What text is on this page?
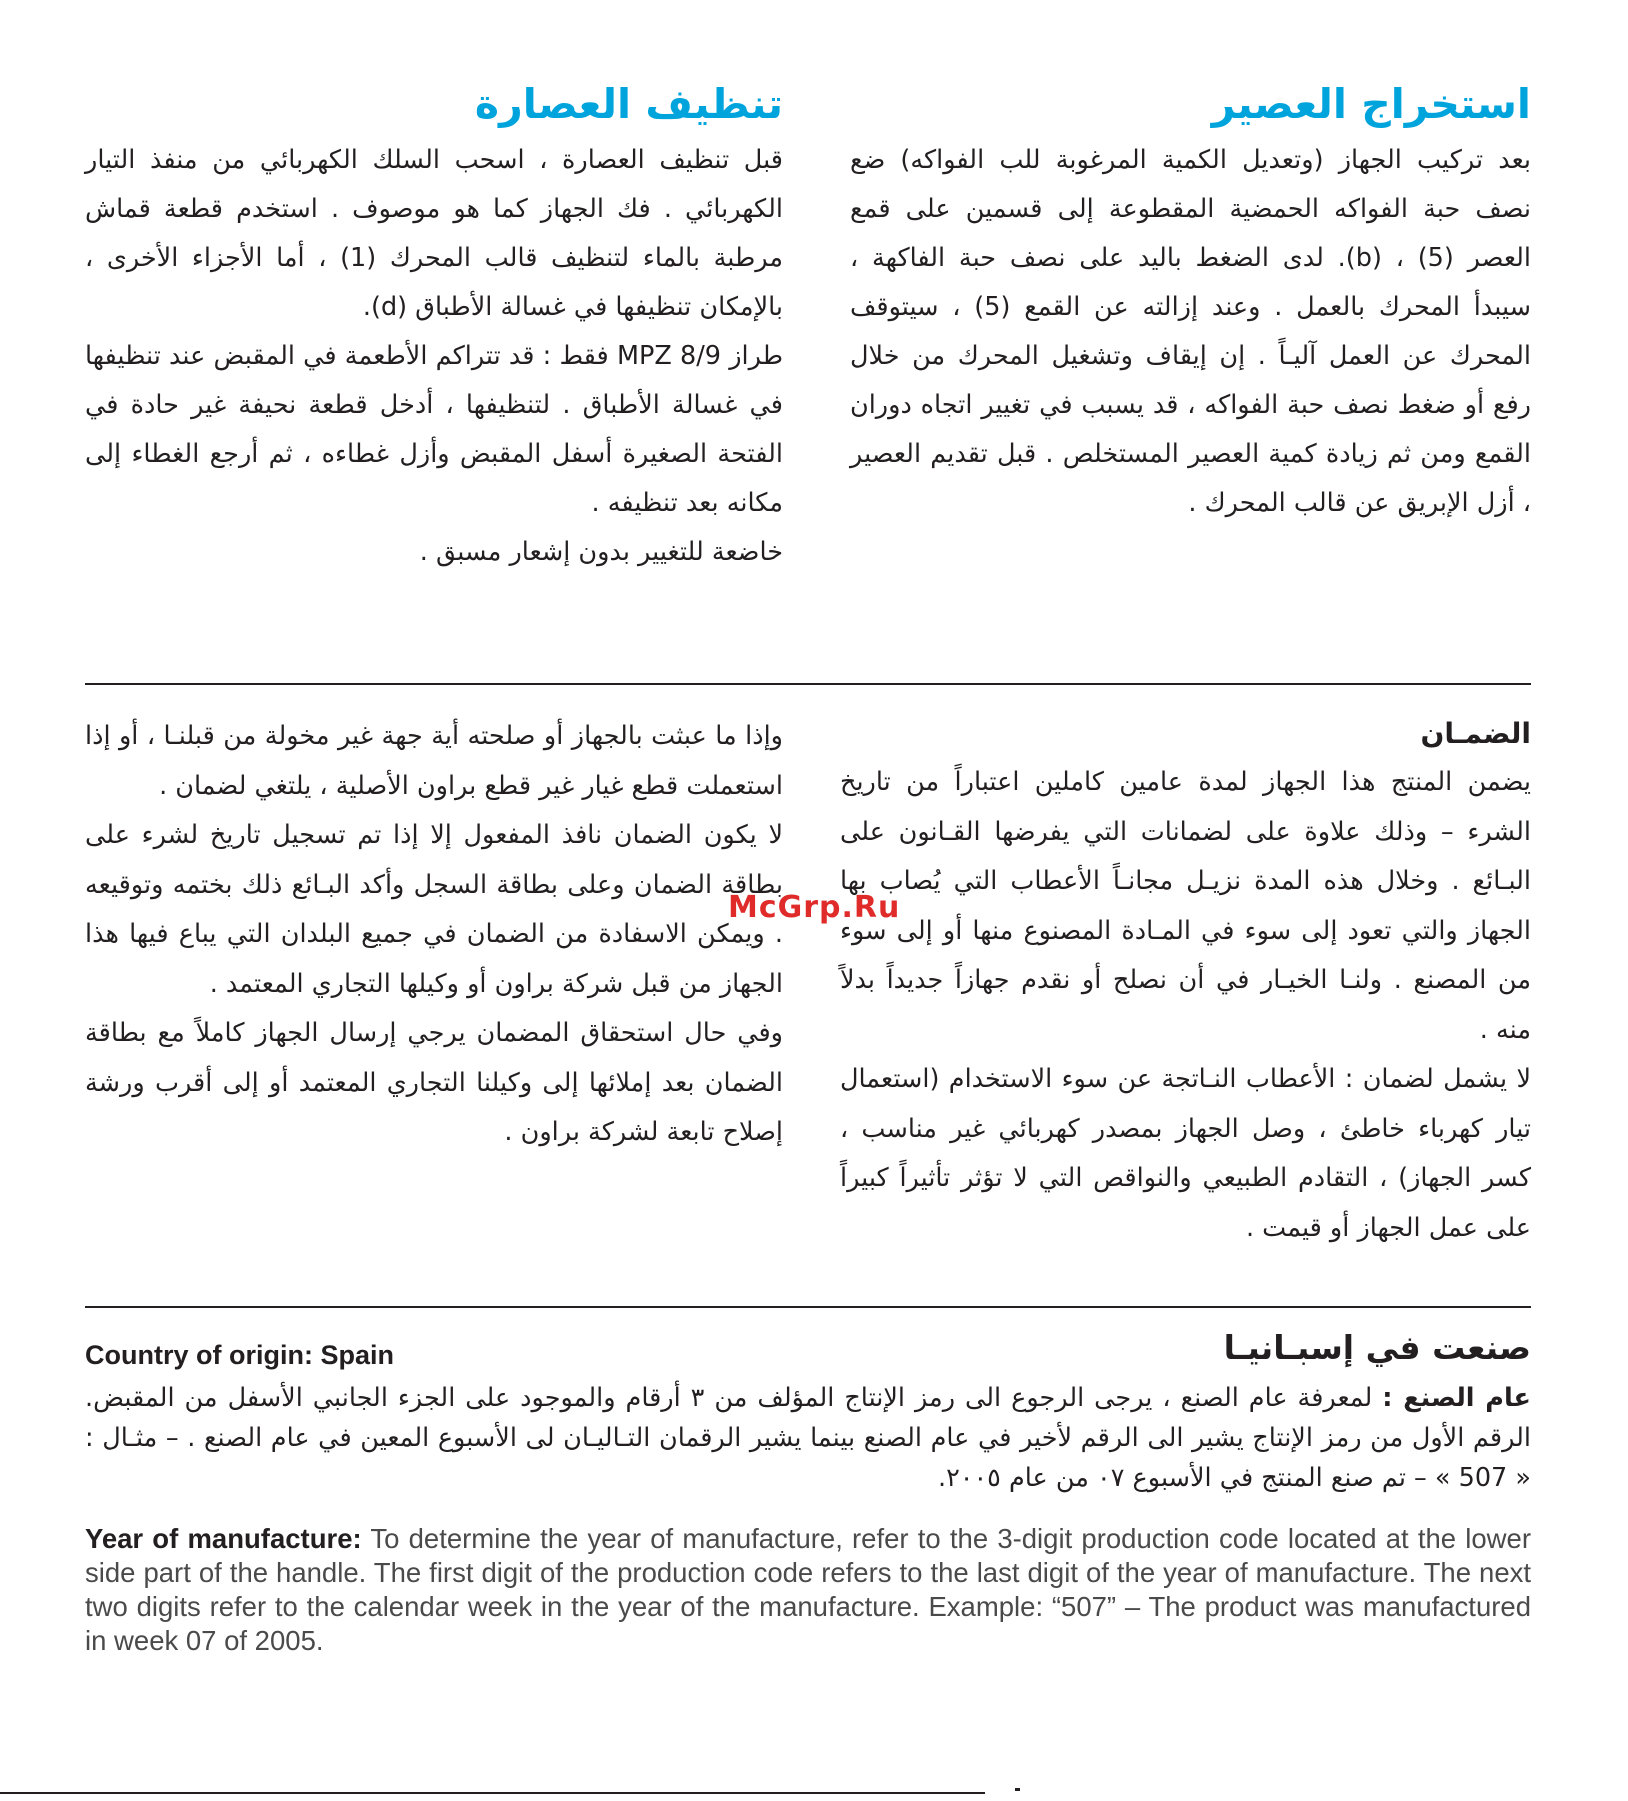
استخراج العصير

بعد تركيب الجهاز (وتعديل الكمية المرغوبة للب الفواكه) ضع نصف حبة الفواكه الحمضية المقطوعة إلى قسمين على قمع العصر (5) ، (b). لدى الضغط باليد على نصف حبة الفاكهة ، سيبدأ المحرك بالعمل . وعند إزالته عن القمع (5) ، سيتوقف المحرك عن العمل آليـاً . إن إيقاف وتشغيل المحرك من خلال رفع أو ضغط نصف حبة الفواكه ، قد يسبب في تغيير اتجاه دوران القمع ومن ثم زيادة كمية العصير المستخلص . قبل تقديم العصير ، أزل الإبريق عن قالب المحرك .

تنظيف العصارة

قبل تنظيف العصارة ، اسحب السلك الكهربائي من منفذ التيار الكهربائي . فك الجهاز كما هو موصوف . استخدم قطعة قماش مرطبة بالماء لتنظيف قالب المحرك (1) ، أما الأجزاء الأخرى ، بالإمكان تنظيفها في غسالة الأطباق (d).

طراز MPZ 8/9 فقط : قد تتراكم الأطعمة في المقبض عند تنظيفها في غسالة الأطباق . لتنظيفها ، أدخل قطعة نحيفة غير حادة في الفتحة الصغيرة أسفل المقبض وأزل غطاءه ، ثم أرجع الغطاء إلى مكانه بعد تنظيفه .

خاضعة للتغيير بدون إشعار مسبق .

الضمـان

يضمن المنتج هذا الجهاز لمدة عامين كاملين اعتباراً من تاريخ الشرء – وذلك علاوة على لضمانات التي يفرضها القـانون على البـائع . وخلال هذه المدة نزيـل مجانـاً الأعطاب التي يُصاب بها الجهاز والتي تعود إلى سوء في المـادة المصنوع منها أو إلى سوء من المصنع . ولنـا الخيـار في أن نصلح أو نقدم جهازاً جديداً بدلاً منه .

لا يشمل لضمان : الأعطاب النـاتجة عن سوء الاستخدام (استعمال تيار كهرباء خاطئ ، وصل الجهاز بمصدر كهربائي غير مناسب ، كسر الجهاز) ، التقادم الطبيعي والنواقص التي لا تؤثر تأثيراً كبيراً على عمل الجهاز أو قيمت .

وإذا ما عبثت بالجهاز أو صلحته أية جهة غير مخولة من قبلنـا ، أو إذا استعملت قطع غيار غير قطع براون الأصلية ، يلتغي لضمان .

لا يكون الضمان نافذ المفعول إلا إذا تم تسجيل تاريخ لشرء على بطاقة الضمان وعلى بطاقة السجل وأكد البـائع ذلك بختمه وتوقيعه . ويمكن الاسفادة من الضمان في جميع البلدان التي يباع فيها هذا الجهاز من قبل شركة براون أو وكيلها التجاري المعتمد .

وفي حال استحقاق المضمان يرجي إرسال الجهاز كاملاً مع بطاقة الضمان بعد إملائها إلى وكيلنا التجاري المعتمد أو إلى أقرب ورشة إصلاح تابعة لشركة براون .

McGrp.Ru
Country of origin: Spain	صنعت في إسبـانيـا
عام الصنع : لمعرفة عام الصنع ، يرجى الرجوع الى رمز الإنتاج المؤلف من ٣ أرقام والموجود على الجزء الجانبي الأسفل من المقبض. الرقم الأول من رمز الإنتاج يشير الى الرقم لأخير في عام الصنع بينما يشير الرقمان التـاليـان لى الأسبوع المعين في عام الصنع . – مثـال : « 507 » – تم صنع المنتج في الأسبوع ٠٧ من عام ٢٠٠٥.
Year of manufacture: To determine the year of manufacture, refer to the 3-digit production code located at the lower side part of the handle. The first digit of the production code refers to the last digit of the year of manufacture. The next two digits refer to the calendar week in the year of the manufacture. Example: “507” – The product was manufactured in week 07 of 2005.
